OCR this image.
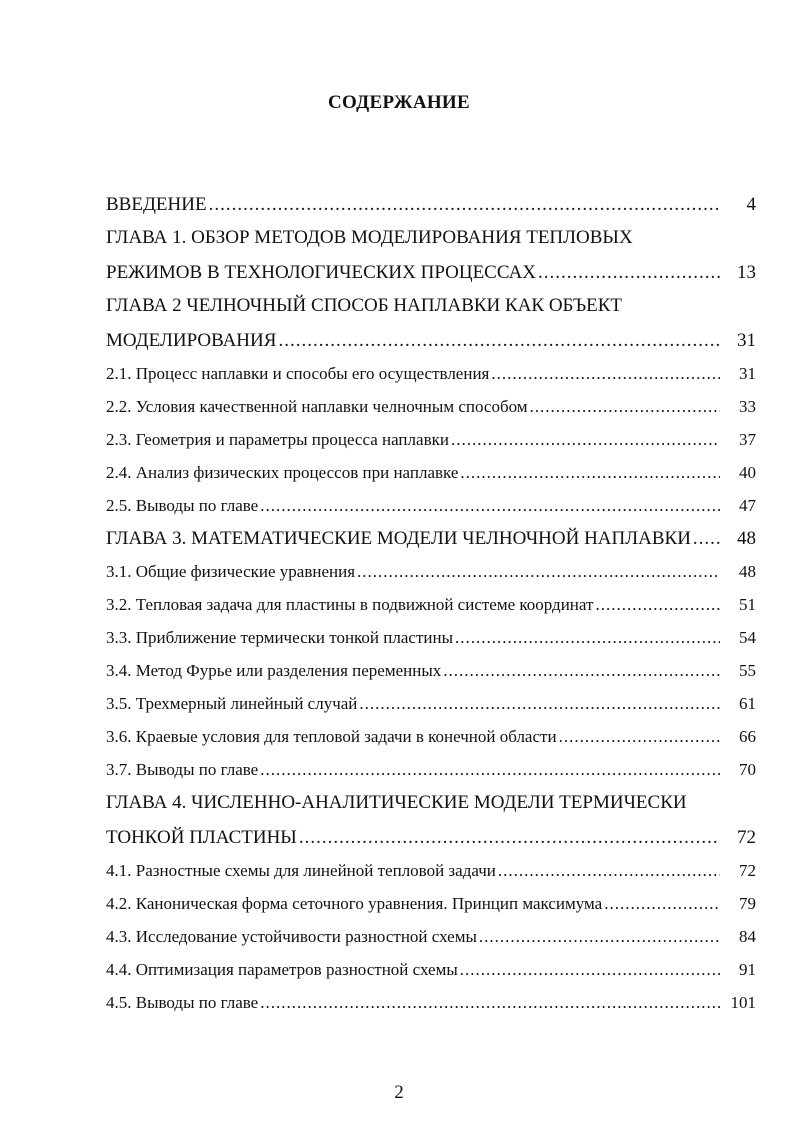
СОДЕРЖАНИЕ
ВВЕДЕНИЕ .....	4
ГЛАВА 1. ОБЗОР МЕТОДОВ МОДЕЛИРОВАНИЯ ТЕПЛОВЫХ
РЕЖИМОВ В ТЕХНОЛОГИЧЕСКИХ ПРОЦЕССАХ .....	13
ГЛАВА 2 ЧЕЛНОЧНЫЙ СПОСОБ НАПЛАВКИ КАК ОБЪЕКТ
МОДЕЛИРОВАНИЯ .....	31
2.1. Процесс наплавки и способы его осуществления .....	31
2.2. Условия качественной наплавки челночным способом .....	33
2.3. Геометрия и параметры процесса наплавки .....	37
2.4. Анализ физических процессов при наплавке .....	40
2.5. Выводы по главе .....	47
ГЛАВА 3. МАТЕМАТИЧЕСКИЕ МОДЕЛИ ЧЕЛНОЧНОЙ НАПЛАВКИ .....	48
3.1. Общие физические уравнения .....	48
3.2. Тепловая задача для пластины в подвижной системе координат .....	51
3.3. Приближение термически тонкой пластины .....	54
3.4. Метод Фурье или разделения переменных .....	55
3.5. Трехмерный линейный случай .....	61
3.6. Краевые условия для тепловой задачи в конечной области .....	66
3.7. Выводы по главе .....	70
ГЛАВА 4. ЧИСЛЕННО-АНАЛИТИЧЕСКИЕ МОДЕЛИ ТЕРМИЧЕСКИ
ТОНКОЙ ПЛАСТИНЫ .....	72
4.1. Разностные схемы для линейной тепловой задачи .....	72
4.2. Каноническая форма сеточного уравнения. Принцип максимума .....	79
4.3. Исследование устойчивости разностной схемы .....	84
4.4. Оптимизация параметров разностной схемы .....	91
4.5. Выводы по главе .....	101
2
